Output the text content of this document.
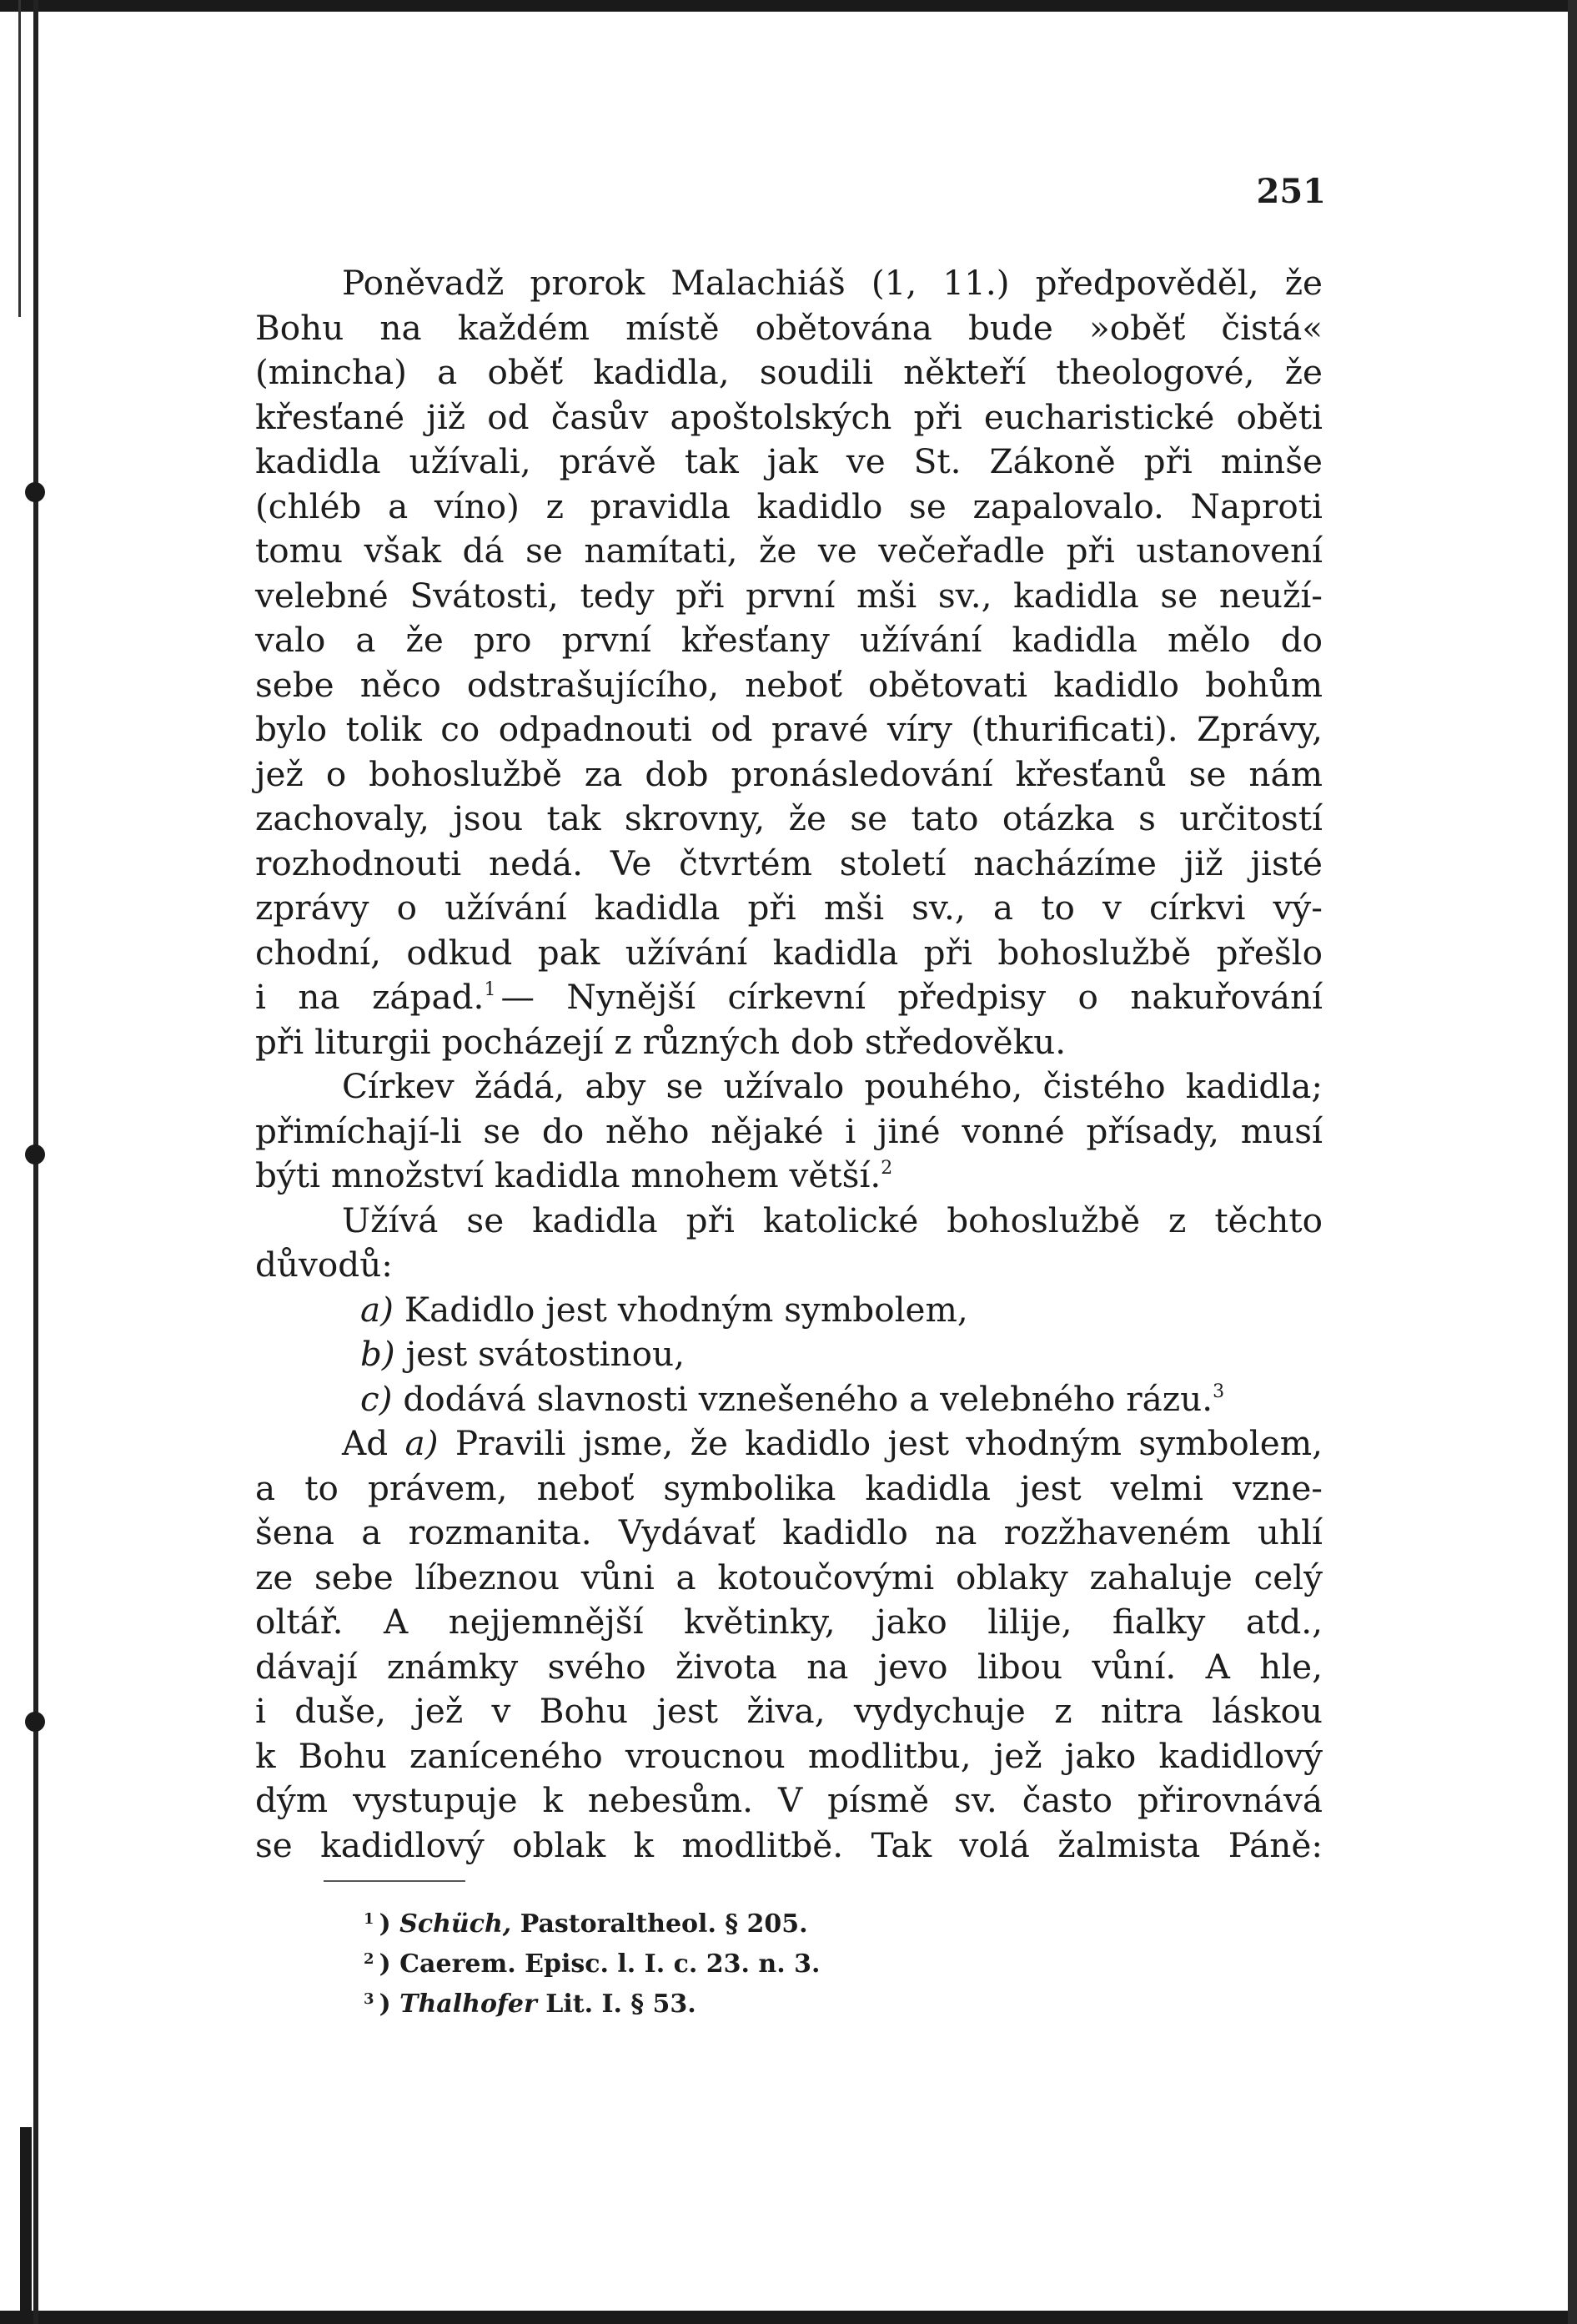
251
Poněvadž prorok Malachiáš (1, 11.) předpověděl, že
Bohu na každém místě obětována bude »oběť čistá«
(mincha) a oběť kadidla, soudili někteří theologové, že
křesťané již od časův apoštolských při eucharistické oběti
kadidla užívali, právě tak jak ve St. Zákoně při minše
(chléb a víno) z pravidla kadidlo se zapalovalo. Naproti
tomu však dá se namítati, že ve večeřadle při ustanovení
velebné Svátosti, tedy při první mši sv., kadidla se neuží-
valo a že pro první křesťany užívání kadidla mělo do
sebe něco odstrašujícího, neboť obětovati kadidlo bohům
bylo tolik co odpadnouti od pravé víry (thurificati). Zprávy,
jež o bohoslužbě za dob pronásledování křesťanů se nám
zachovaly, jsou tak skrovny, že se tato otázka s určitostí
rozhodnouti nedá. Ve čtvrtém století nacházíme již jisté
zprávy o užívání kadidla při mši sv., a to v církvi vý-
chodní, odkud pak užívání kadidla při bohoslužbě přešlo
i na západ.$^1$ — Nynější církevní předpisy o nakuřování
při liturgii pocházejí z různých dob středověku.
Církev žádá, aby se užívalo pouhého, čistého kadidla;
přimíchají-li se do něho nějaké i jiné vonné přísady, musí
býti množství kadidla mnohem větší.$^2$
Užívá se kadidla při katolické bohoslužbě z těchto
důvodů:
a) Kadidlo jest vhodným symbolem,
b) jest svátostinou,
c) dodává slavnosti vznešeného a velebného rázu.$^3$
Ad a) Pravili jsme, že kadidlo jest vhodným symbolem,
a to právem, neboť symbolika kadidla jest velmi vzne-
šena a rozmanita. Vydávať kadidlo na rozžhaveném uhlí
ze sebe líbeznou vůni a kotoučovými oblaky zahaluje celý
oltář. A nejjemnější květinky, jako lilije, fialky atd.,
dávají známky svého života na jevo libou vůní. A hle,
i duše, jež v Bohu jest živa, vydychuje z nitra láskou
k Bohu zaníceného vroucnou modlitbu, jež jako kadidlový
dým vystupuje k nebesům. V písmě sv. často přirovnává
se kadidlový oblak k modlitbě. Tak volá žalmista Páně:
$^1$ ) Schüch, Pastoraltheol. § 205.
$^2$ ) Caerem. Episc. l. I. c. 23. n. 3.
$^3$ ) Thalhofer Lit. I. § 53.
